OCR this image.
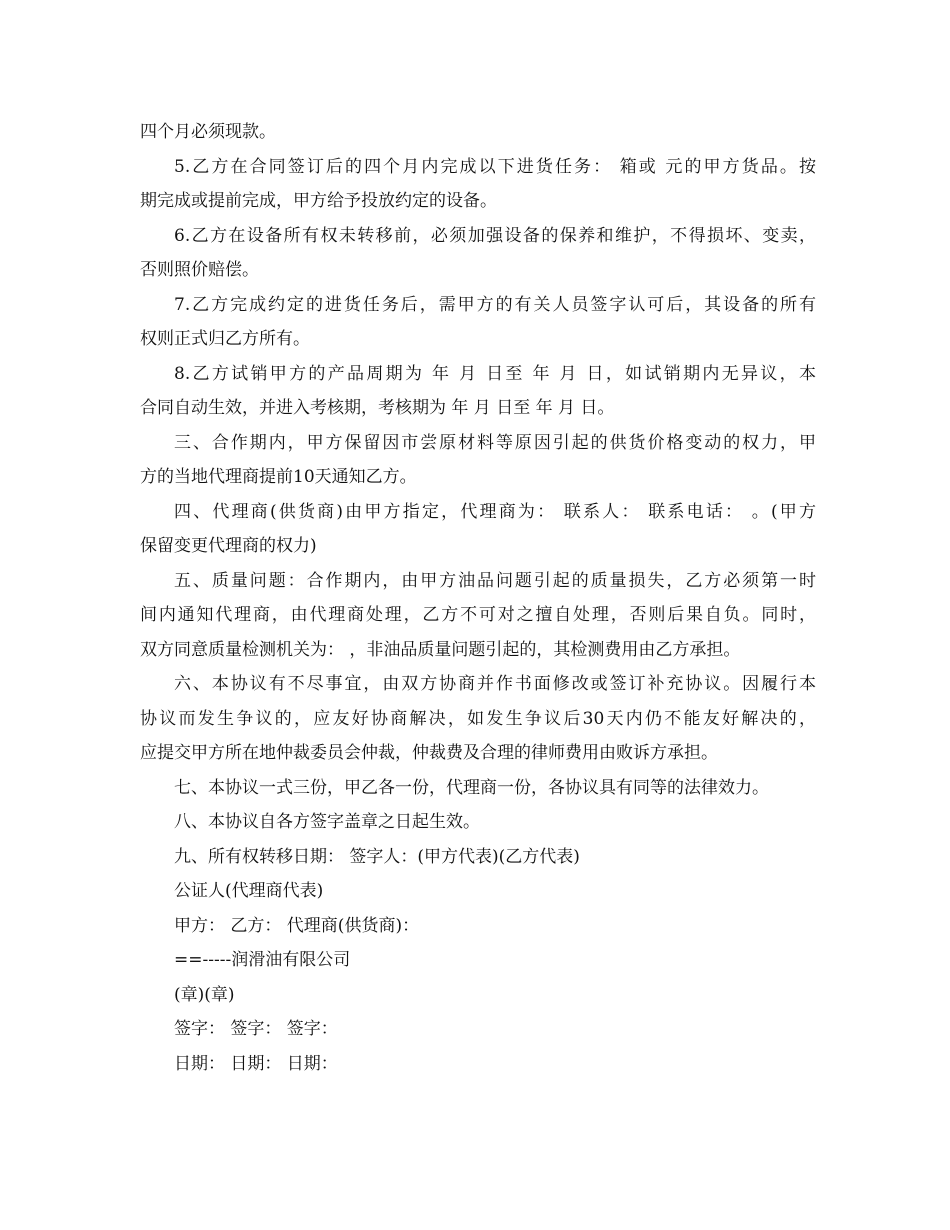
四个月必须现款。
5.乙方在合同签订后的四个月内完成以下进货任务： 箱或 元的甲方货品。按
期完成或提前完成，甲方给予投放约定的设备。
6.乙方在设备所有权未转移前，必须加强设备的保养和维护，不得损坏、变卖，
否则照价赔偿。
7.乙方完成约定的进货任务后，需甲方的有关人员签字认可后，其设备的所有
权则正式归乙方所有。
8.乙方试销甲方的产品周期为 年 月 日至 年 月 日，如试销期内无异议，本
合同自动生效，并进入考核期，考核期为 年 月 日至 年 月 日。
三、合作期内，甲方保留因市尝原材料等原因引起的供货价格变动的权力，甲
方的当地代理商提前10天通知乙方。
四、代理商(供货商)由甲方指定，代理商为： 联系人： 联系电话： 。(甲方
保留变更代理商的权力)
五、质量问题：合作期内，由甲方油品问题引起的质量损失，乙方必须第一时
间内通知代理商，由代理商处理，乙方不可对之擅自处理，否则后果自负。同时，
双方同意质量检测机关为： ，非油品质量问题引起的，其检测费用由乙方承担。
六、本协议有不尽事宜，由双方协商并作书面修改或签订补充协议。因履行本
协议而发生争议的，应友好协商解决，如发生争议后30天内仍不能友好解决的，
应提交甲方所在地仲裁委员会仲裁，仲裁费及合理的律师费用由败诉方承担。
七、本协议一式三份，甲乙各一份，代理商一份，各协议具有同等的法律效力。
八、本协议自各方签字盖章之日起生效。
九、所有权转移日期： 签字人：(甲方代表)(乙方代表)
公证人(代理商代表)
甲方： 乙方： 代理商(供货商)：
==-----润滑油有限公司
(章)(章)
签字： 签字： 签字：
日期： 日期： 日期：
